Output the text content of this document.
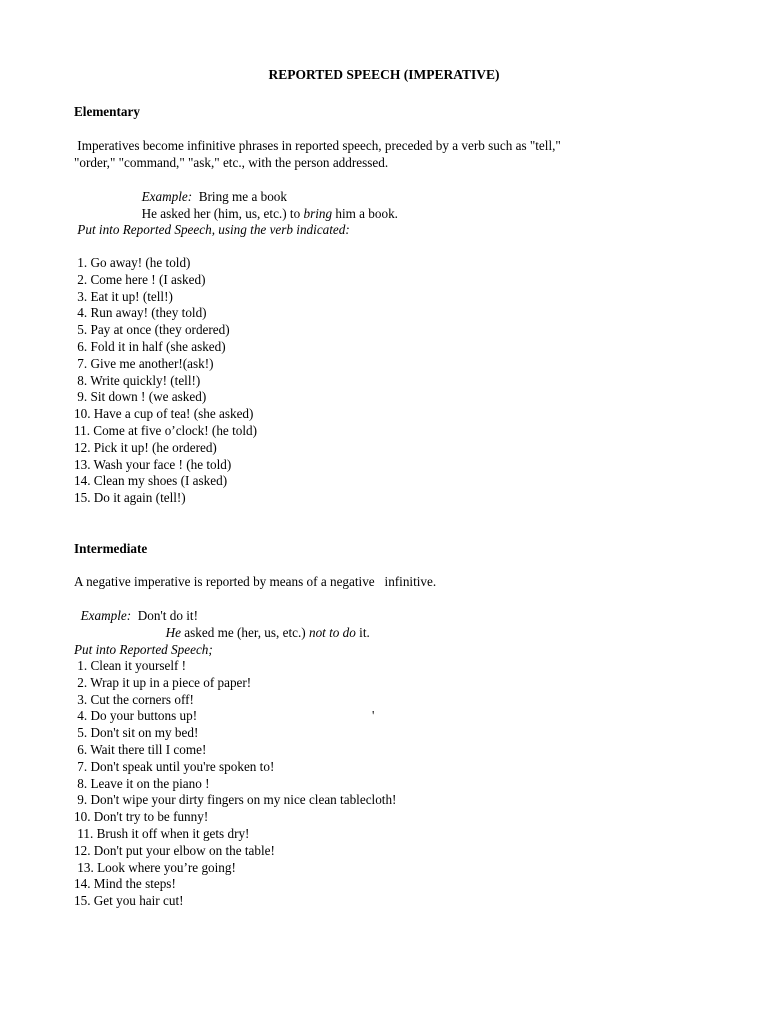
REPORTED SPEECH (IMPERATIVE)
Elementary
Imperatives become infinitive phrases in reported speech, preceded by a verb such as "tell,"
"order," "command," "ask," etc., with the person addressed.

Example:  Bring me a book

He asked her (him, us, etc.) to bring him a book.

Put into Reported Speech, using the verb indicated:
1. Go away! (he told)
2. Come here ! (I asked)
3. Eat it up! (tell!)
4. Run away! (they told)
5. Pay at once (they ordered)
6. Fold it in half (she asked)
7. Give me another!(ask!)
8. Write quickly! (tell!)
9. Sit down ! (we asked)
10. Have a cup of tea! (she asked)
11. Come at five o’clock! (he told)
12. Pick it up! (he ordered)
13. Wash your face ! (he told)
14. Clean my shoes (I asked)
15. Do it again (tell!)
Intermediate
A negative imperative is reported by means of a negative   infinitive.

Example:  Don't do it!

He asked me (her, us, etc.) not to do it.

Put into Reported Speech;
1. Clean it yourself !
2. Wrap it up in a piece of paper!
3. Cut the corners off!
4. Do your buttons up!
5. Don't sit on my bed!
6. Wait there till I come!
7. Don't speak until you're spoken to!
8. Leave it on the piano !
9. Don't wipe your dirty fingers on my nice clean tablecloth!
10. Don't try to be funny!
11. Brush it off when it gets dry!
12. Don't put your elbow on the table!
13. Look where you’re going!
14. Mind the steps!
15. Get you hair cut!
'
